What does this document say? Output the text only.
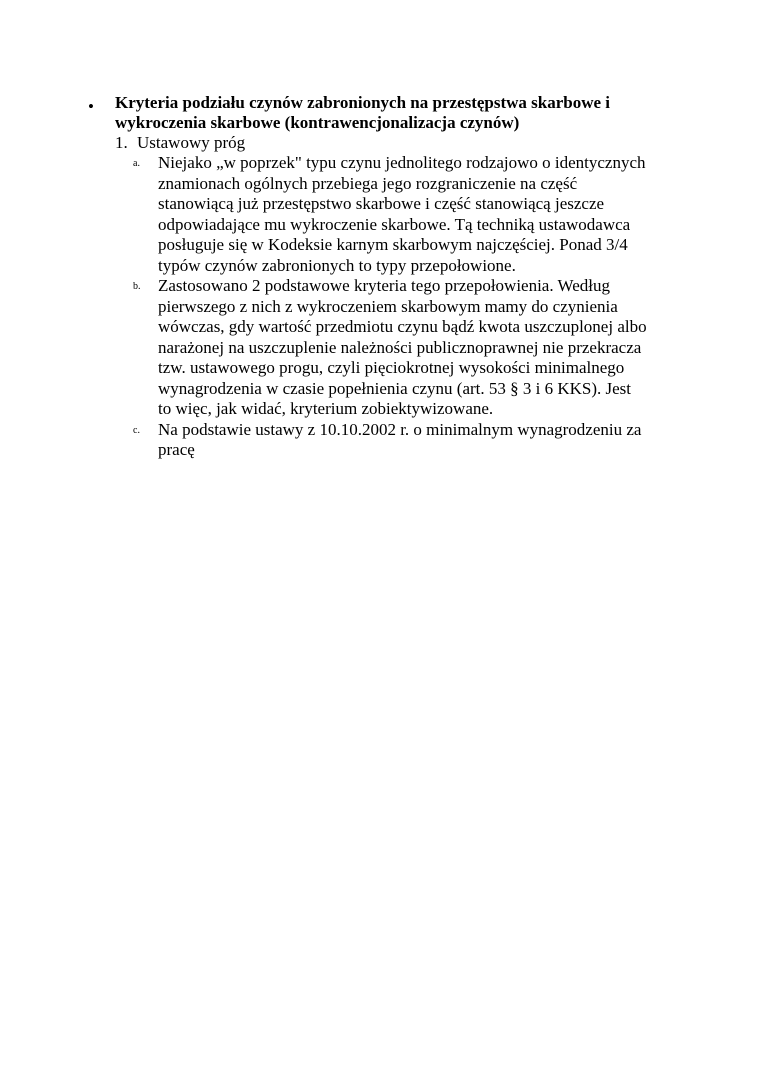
• Kryteria podziału czynów zabronionych na przestępstwa skarbowe i wykroczenia skarbowe (kontrawencjonalizacja czynów)
1. Ustawowy próg
a. Niejako „w poprzek" typu czynu jednolitego rodzajowo o identycznych znamionach ogólnych przebiega jego rozgraniczenie na część stanowiącą już przestępstwo skarbowe i część stanowiącą jeszcze odpowiadające mu wykroczenie skarbowe. Tą techniką ustawodawca posługuje się w Kodeksie karnym skarbowym najczęściej. Ponad 3/4 typów czynów zabronionych to typy przepołowione.
b. Zastosowano 2 podstawowe kryteria tego przepołowienia. Według pierwszego z nich z wykroczeniem skarbowym mamy do czynienia wówczas, gdy wartość przedmiotu czynu bądź kwota uszczuplonej albo narażonej na uszczuplenie należności publicznoprawnej nie przekracza tzw. ustawowego progu, czyli pięciokrotnej wysokości minimalnego wynagrodzenia w czasie popełnienia czynu (art. 53 § 3 i 6 KKS). Jest to więc, jak widać, kryterium zobiektywizowane.
c. Na podstawie ustawy z 10.10.2002 r. o minimalnym wynagrodzeniu za pracę
